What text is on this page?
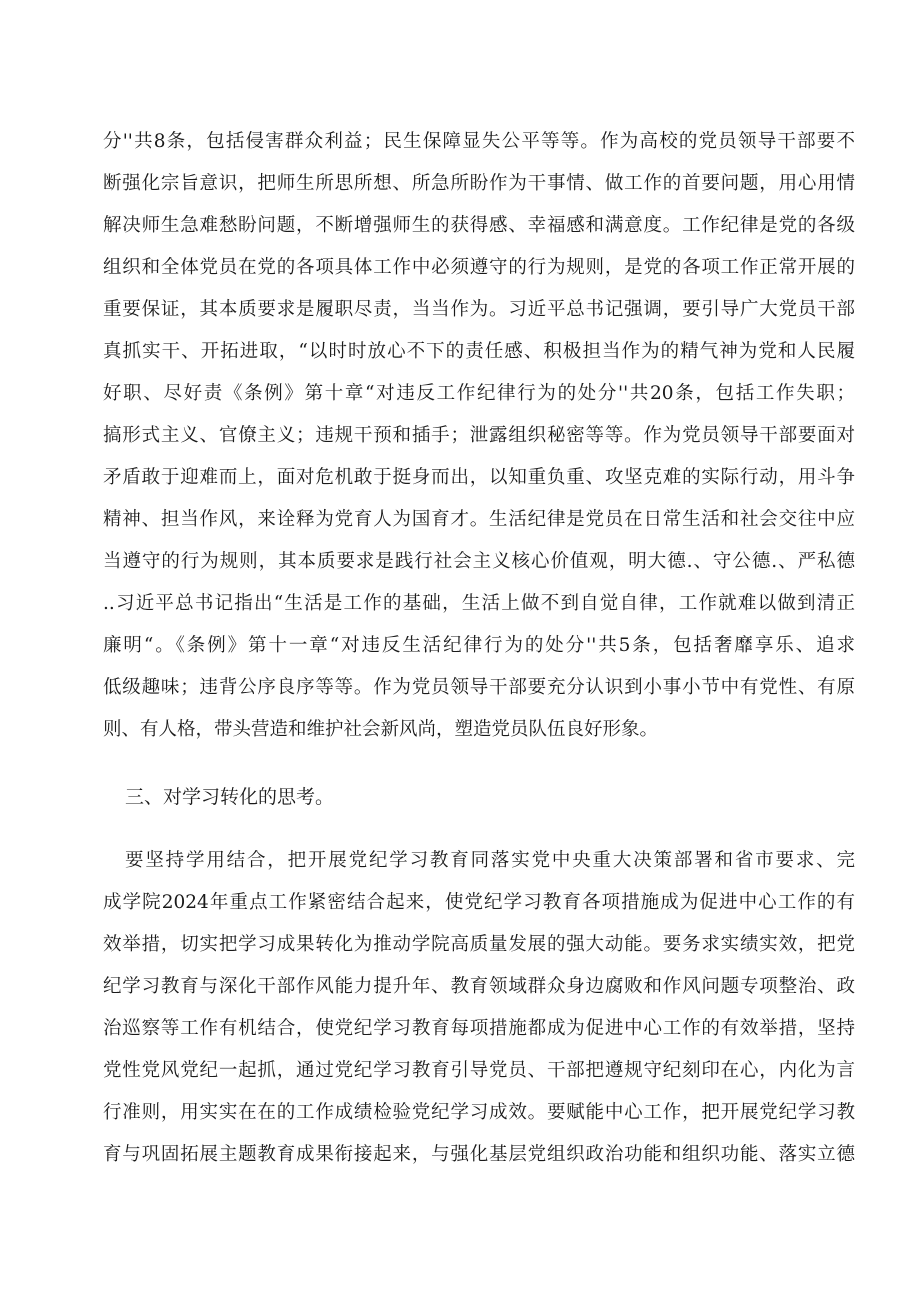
分''共8条，包括侵害群众利益；民生保障显失公平等等。作为高校的党员领导干部要不
断强化宗旨意识，把师生所思所想、所急所盼作为干事情、做工作的首要问题，用心用情
解决师生急难愁盼问题，不断增强师生的获得感、幸福感和满意度。工作纪律是党的各级
组织和全体党员在党的各项具体工作中必须遵守的行为规则，是党的各项工作正常开展的
重要保证，其本质要求是履职尽责，当当作为。习近平总书记强调，要引导广大党员干部
真抓实干、开拓进取，“以时时放心不下的责任感、积极担当作为的精气神为党和人民履
好职、尽好责《条例》第十章“对违反工作纪律行为的处分''共20条，包括工作失职；
搞形式主义、官僚主义；违规干预和插手；泄露组织秘密等等。作为党员领导干部要面对
矛盾敢于迎难而上，面对危机敢于挺身而出，以知重负重、攻坚克难的实际行动，用斗争
精神、担当作风，来诠释为党育人为国育才。生活纪律是党员在日常生活和社会交往中应
当遵守的行为规则，其本质要求是践行社会主义核心价值观，明大德.、守公德.、严私德
..习近平总书记指出“生活是工作的基础，生活上做不到自觉自律，工作就难以做到清正
廉明“。《条例》第十一章“对违反生活纪律行为的处分''共5条，包括奢靡享乐、追求
低级趣味；违背公序良序等等。作为党员领导干部要充分认识到小事小节中有党性、有原
则、有人格，带头营造和维护社会新风尚，塑造党员队伍良好形象。
三、对学习转化的思考。
要坚持学用结合，把开展党纪学习教育同落实党中央重大决策部署和省市要求、完
成学院2024年重点工作紧密结合起来，使党纪学习教育各项措施成为促进中心工作的有
效举措，切实把学习成果转化为推动学院高质量发展的强大动能。要务求实绩实效，把党
纪学习教育与深化干部作风能力提升年、教育领域群众身边腐败和作风问题专项整治、政
治巡察等工作有机结合，使党纪学习教育每项措施都成为促进中心工作的有效举措，坚持
党性党风党纪一起抓，通过党纪学习教育引导党员、干部把遵规守纪刻印在心，内化为言
行准则，用实实在在的工作成绩检验党纪学习成效。要赋能中心工作，把开展党纪学习教
育与巩固拓展主题教育成果衔接起来，与强化基层党组织政治功能和组织功能、落实立德
